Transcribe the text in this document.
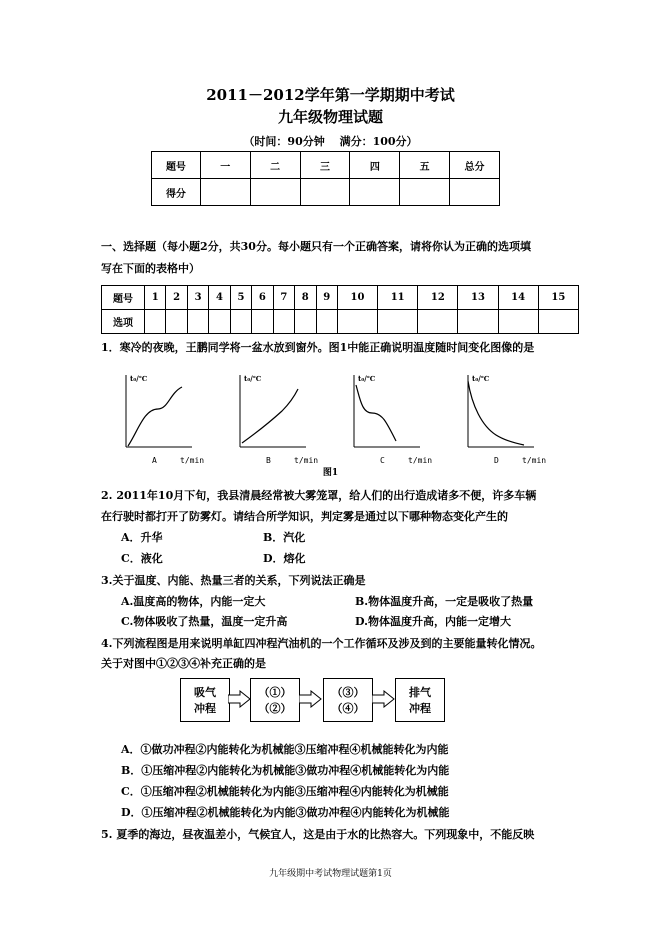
2011－2012学年第一学期期中考试
九年级物理试题
（时间：90分钟　 满分：100分）
题号	一	二	三	四	五	总分
得分						
一、选择题（每小题2分，共30分。每小题只有一个正确答案，请将你认为正确的选项填
写在下面的表格中）
题号	1	2	3	4	5	6	7	8	9	10	11	12	13	14	15
选项															
1．寒冷的夜晚，王鹏同学将一盆水放到窗外。图1中能正确说明温度随时间变化图像的是
t₀/℃
A	t/min
t₀/℃
B	t/min
t₀/℃
C	t/min
t₀/℃
D	t/min
图1
2. 2011年10月下旬，我县清晨经常被大雾笼罩，给人们的出行造成诸多不便，许多车辆
在行驶时都打开了防雾灯。请结合所学知识，判定雾是通过以下哪种物态变化产生的
A．升华	B．汽化
C．液化	D．熔化
3.关于温度、内能、热量三者的关系，下列说法正确是
A.温度高的物体，内能一定大	B.物体温度升高，一定是吸收了热量
C.物体吸收了热量，温度一定升高	D.物体温度升高，内能一定增大
4.下列流程图是用来说明单缸四冲程汽油机的一个工作循环及涉及到的主要能量转化情况。
关于对图中①②③④补充正确的是
吸气
冲程
（①）
（②）
（③）
（④）
排气
冲程
A．①做功冲程②内能转化为机械能③压缩冲程④机械能转化为内能
B．①压缩冲程②内能转化为机械能③做功冲程④机械能转化为内能
C．①压缩冲程②机械能转化为内能③压缩冲程④内能转化为机械能
D．①压缩冲程②机械能转化为内能③做功冲程④内能转化为机械能
5. 夏季的海边，昼夜温差小，气候宜人，这是由于水的比热容大。下列现象中，不能反映
九年级期中考试物理试题第1页
